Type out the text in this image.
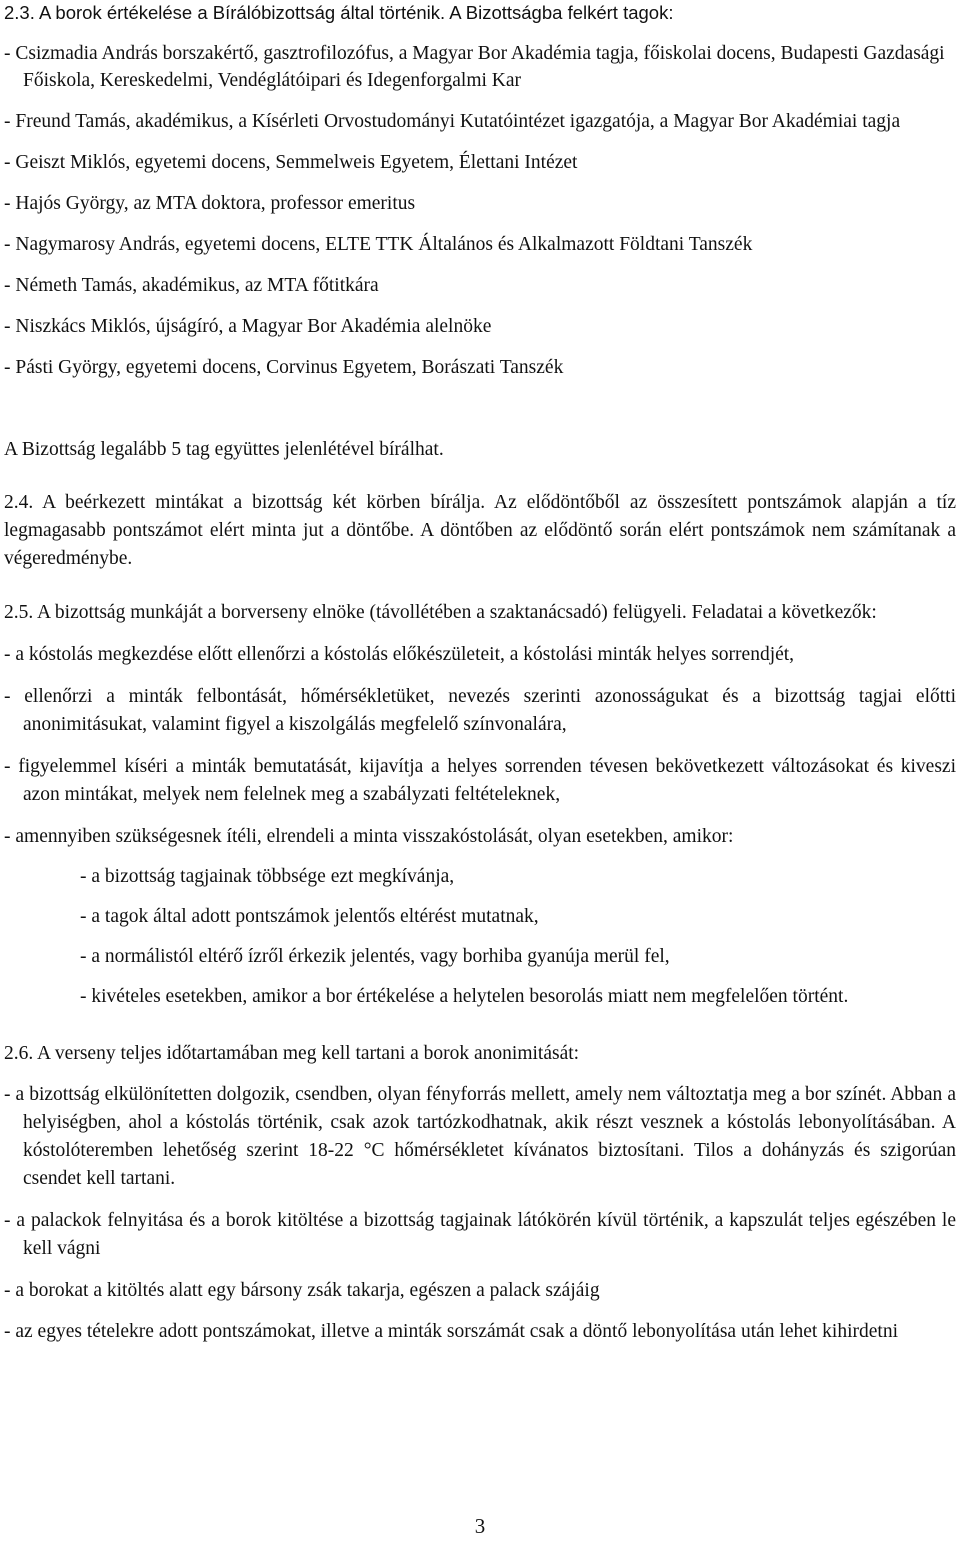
2.3. A borok értékelése a Bírálóbizottság által történik. A Bizottságba felkért tagok:
- Csizmadia András borszakértő, gasztrofilozófus, a Magyar Bor Akadémia tagja, főiskolai docens, Budapesti Gazdasági Főiskola, Kereskedelmi, Vendéglátóipari és Idegenforgalmi Kar
- Freund Tamás, akadémikus, a Kísérleti Orvostudományi Kutatóintézet igazgatója, a Magyar Bor Akadémiai tagja
- Geiszt Miklós, egyetemi docens, Semmelweis Egyetem, Élettani Intézet
- Hajós György, az MTA doktora, professor emeritus
- Nagymarosy András, egyetemi docens, ELTE TTK Általános és Alkalmazott Földtani Tanszék
- Németh Tamás, akadémikus, az MTA főtitkára
- Niszkács Miklós, újságíró, a Magyar Bor Akadémia alelnöke
- Pásti György, egyetemi docens, Corvinus Egyetem, Borászati Tanszék
A Bizottság legalább 5 tag együttes jelenlétével bírálhat.
2.4. A beérkezett mintákat a bizottság két körben bírálja. Az elődöntőből az összesített pontszámok alapján a tíz legmagasabb pontszámot elért minta jut a döntőbe. A döntőben az elődöntő során elért pontszámok nem számítanak a végeredménybe.
2.5. A bizottság munkáját a borverseny elnöke (távollétében a szaktanácsadó) felügyeli. Feladatai a következők:
- a kóstolás megkezdése előtt ellenőrzi a kóstolás előkészületeit, a kóstolási minták helyes sorrendjét,
- ellenőrzi a minták felbontását, hőmérsékletüket, nevezés szerinti azonosságukat és a bizottság tagjai előtti anonimitásukat, valamint figyel a kiszolgálás megfelelő színvonalára,
- figyelemmel kíséri a minták bemutatását, kijavítja a helyes sorrenden tévesen bekövetkezett változásokat és kiveszi azon mintákat, melyek nem felelnek meg a szabályzati feltételeknek,
- amennyiben szükségesnek ítéli, elrendeli a minta visszakóstolását, olyan esetekben, amikor:
- a bizottság tagjainak többsége ezt megkívánja,
- a tagok által adott pontszámok jelentős eltérést mutatnak,
- a normálistól eltérő ízről érkezik jelentés, vagy borhiba gyanúja merül fel,
- kivételes esetekben, amikor a bor értékelése a helytelen besorolás miatt nem megfelelően történt.
2.6. A verseny teljes időtartamában meg kell tartani a borok anonimitását:
- a bizottság elkülönítetten dolgozik, csendben, olyan fényforrás mellett, amely nem változtatja meg a bor színét. Abban a helyiségben, ahol a kóstolás történik, csak azok tartózkodhatnak, akik részt vesznek a kóstolás lebonyolításában. A kóstolóteremben lehetőség szerint 18-22 °C hőmérsékletet kívánatos biztosítani. Tilos a dohányzás és szigorúan csendet kell tartani.
- a palackok felnyitása és a borok kitöltése a bizottság tagjainak látókörén kívül történik, a kapszulát teljes egészében le kell vágni
- a borokat a kitöltés alatt egy bársony zsák takarja, egészen a palack szájáig
- az egyes tételekre adott pontszámokat, illetve a minták sorszámát csak a döntő lebonyolítása után lehet kihirdetni
3
